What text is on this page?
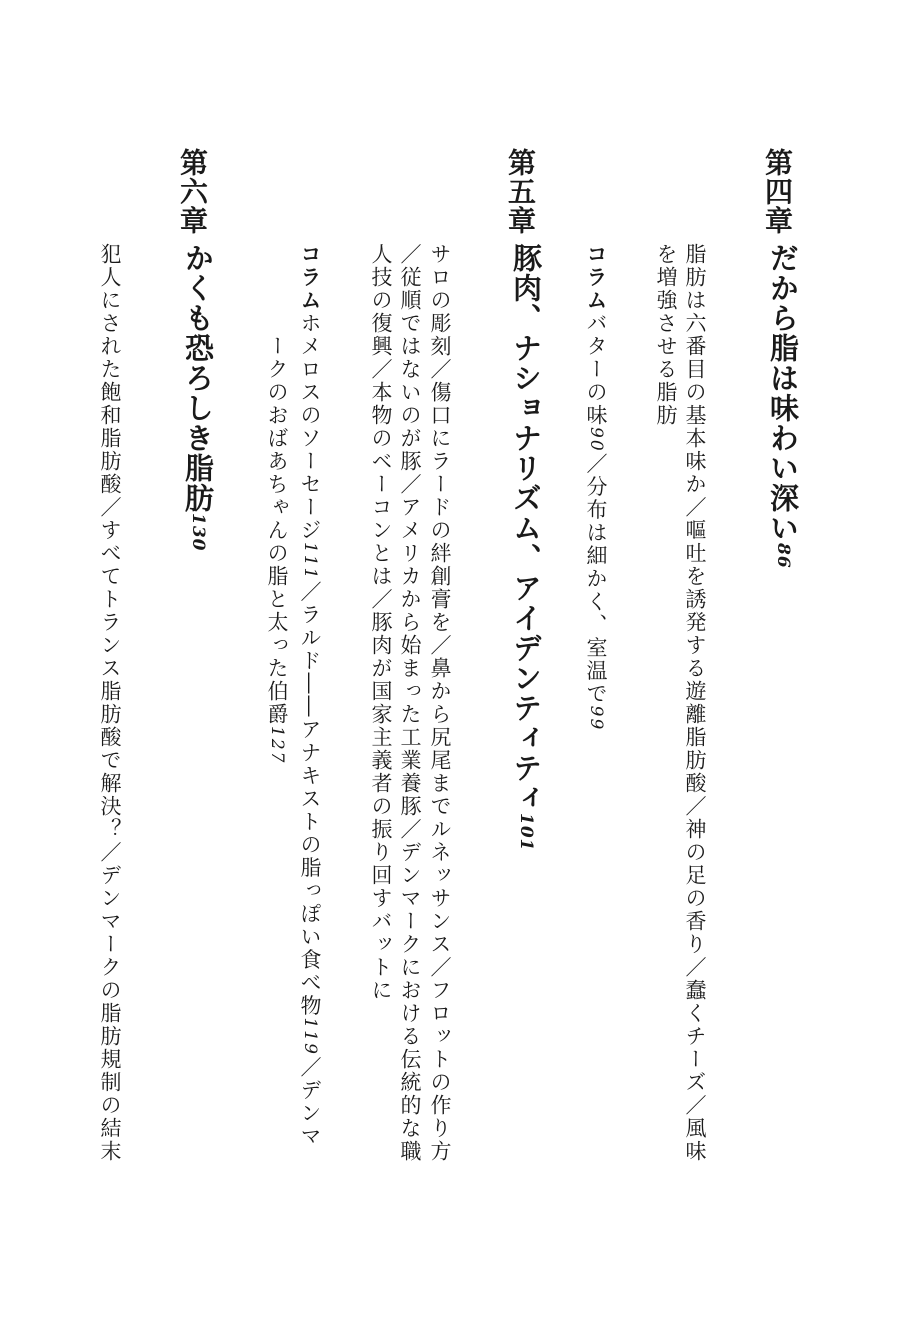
第四章
だから脂は味わい深い86
脂肪は六番目の基本味か／嘔吐を誘発する遊離脂肪酸／神の足の香り／蠢くチーズ／風味
を増強させる脂肪
コラムバターの味90／分布は細かく、室温で99
第五章
豚肉、ナショナリズム、アイデンティティ101
サロの彫刻／傷口にラードの絆創膏を／鼻から尻尾までルネッサンス／フロットの作り方
／従順ではないのが豚／アメリカから始まった工業養豚／デンマークにおける伝統的な職
人技の復興／本物のベーコンとは／豚肉が国家主義者の振り回すバットに
コラムホメロスのソーセージ111／ラルド――アナキストの脂っぽい食べ物119／デンマ
ークのおばあちゃんの脂と太った伯爵127
第六章
かくも恐ろしき脂肪130
犯人にされた飽和脂肪酸／すべてトランス脂肪酸で解決？／デンマークの脂肪規制の結末
